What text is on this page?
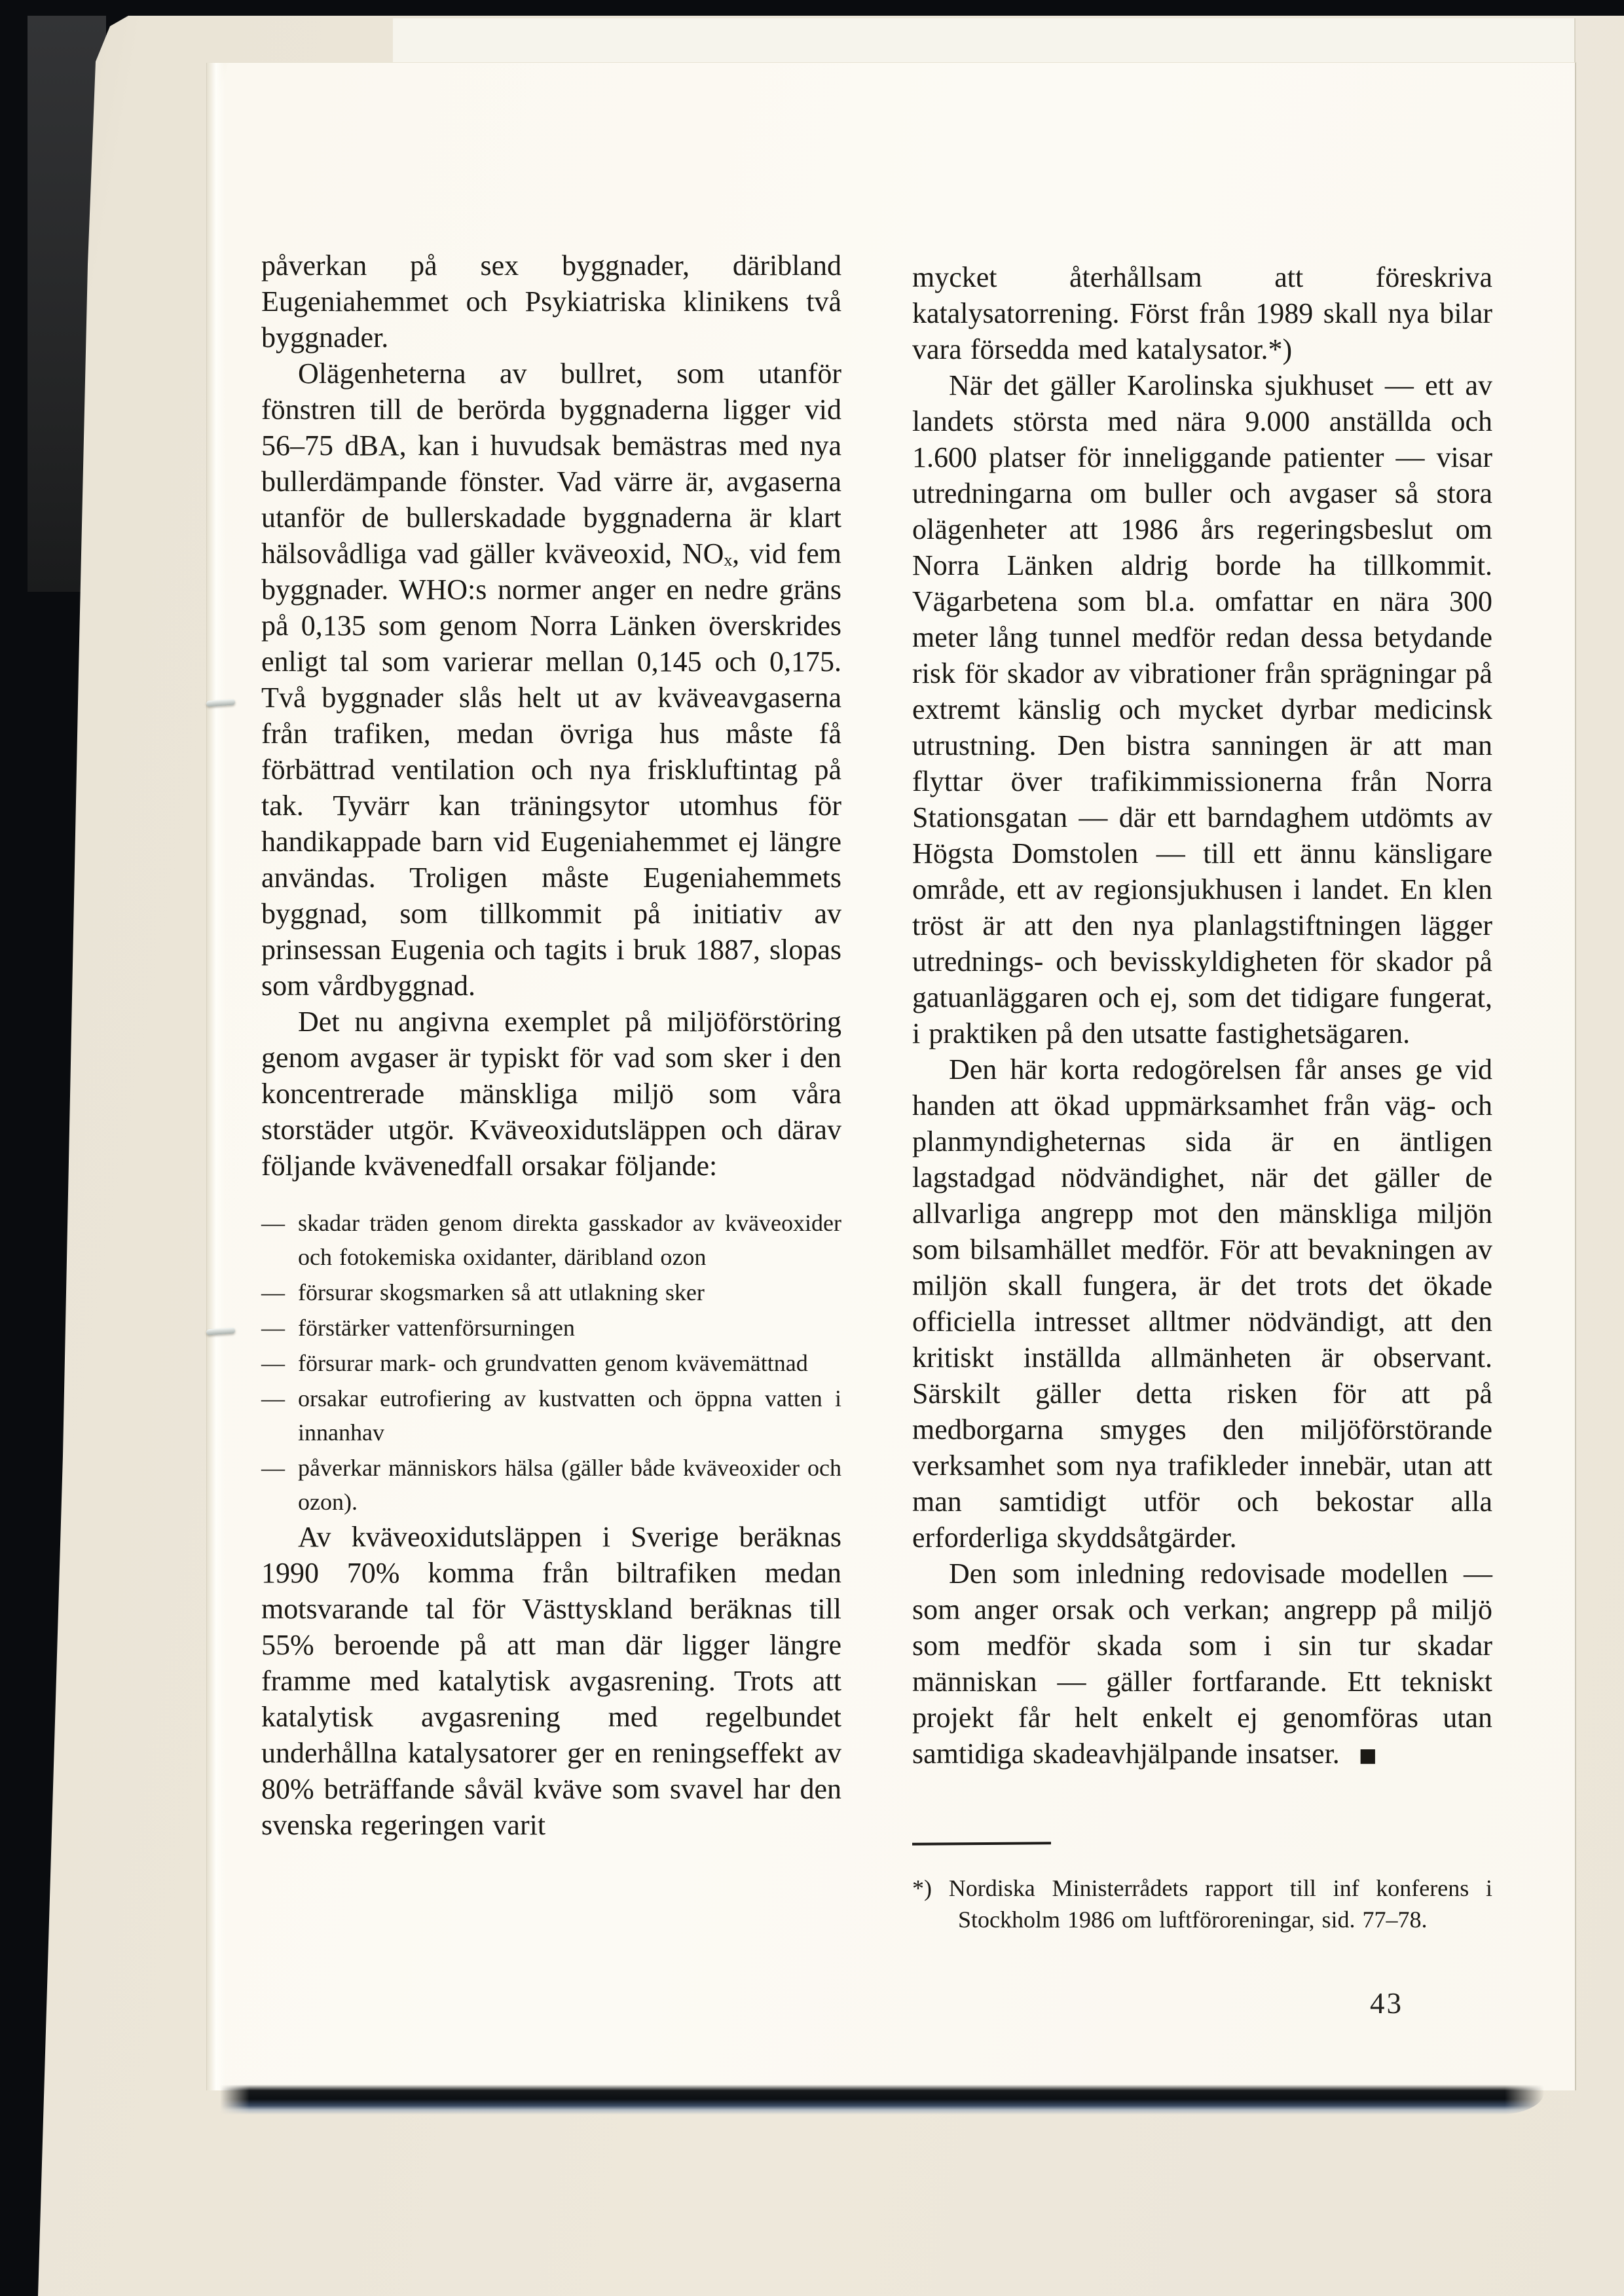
påverkan på sex byggnader, däribland Eugeniahemmet och Psykiatriska klinikens två byggnader.

Olägenheterna av bullret, som utanför fönstren till de berörda byggnaderna ligger vid 56–75 dBA, kan i huvudsak bemästras med nya bullerdämpande fönster. Vad värre är, avgaserna utanför de bullerskadade byggnaderna är klart hälsovådliga vad gäller kväveoxid, NOₓ, vid fem byggnader. WHO:s normer anger en nedre gräns på 0,135 som genom Norra Länken överskrides enligt tal som varierar mellan 0,145 och 0,175. Två byggnader slås helt ut av kväveavgaserna från trafiken, medan övriga hus måste få förbättrad ventilation och nya friskluftintag på tak. Tyvärr kan träningsytor utomhus för handikappade barn vid Eugeniahemmet ej längre användas. Troligen måste Eugeniahemmets byggnad, som tillkommit på initiativ av prinsessan Eugenia och tagits i bruk 1887, slopas som vårdbyggnad.

Det nu angivna exemplet på miljöförstöring genom avgaser är typiskt för vad som sker i den koncentrerade mänskliga miljö som våra storstäder utgör. Kväveoxidutsläppen och därav följande kvävenedfall orsakar följande:

— skadar träden genom direkta gasskador av kväveoxider och fotokemiska oxidanter, däribland ozon
— försurar skogsmarken så att utlakning sker
— förstärker vattenförsurningen
— försurar mark- och grundvatten genom kvävemättnad
— orsakar eutrofiering av kustvatten och öppna vatten i innanhav
— påverkar människors hälsa (gäller både kväveoxider och ozon).

Av kväveoxidutsläppen i Sverige beräknas 1990 70% komma från biltrafiken medan motsvarande tal för Västtyskland beräknas till 55% beroende på att man där ligger längre framme med katalytisk avgasrening. Trots att katalytisk avgasrening med regelbundet underhållna katalysatorer ger en reningseffekt av 80% beträffande såväl kväve som svavel har den svenska regeringen varit

mycket återhållsam att föreskriva katalysatorrening. Först från 1989 skall nya bilar vara försedda med katalysator.*)

När det gäller Karolinska sjukhuset — ett av landets största med nära 9.000 anställda och 1.600 platser för inneliggande patienter — visar utredningarna om buller och avgaser så stora olägenheter att 1986 års regeringsbeslut om Norra Länken aldrig borde ha tillkommit. Vägarbetena som bl.a. omfattar en nära 300 meter lång tunnel medför redan dessa betydande risk för skador av vibrationer från sprägningar på extremt känslig och mycket dyrbar medicinsk utrustning. Den bistra sanningen är att man flyttar över trafikimmissionerna från Norra Stationsgatan — där ett barndaghem utdömts av Högsta Domstolen — till ett ännu känsligare område, ett av regionsjukhusen i landet. En klen tröst är att den nya planlagstiftningen lägger utrednings- och bevisskyldigheten för skador på gatuanläggaren och ej, som det tidigare fungerat, i praktiken på den utsatte fastighetsägaren.

Den här korta redogörelsen får anses ge vid handen att ökad uppmärksamhet från väg- och planmyndigheternas sida är en äntligen lagstadgad nödvändighet, när det gäller de allvarliga angrepp mot den mänskliga miljön som bilsamhället medför. För att bevakningen av miljön skall fungera, är det trots det ökade officiella intresset alltmer nödvändigt, att den kritiskt inställda allmänheten är observant. Särskilt gäller detta risken för att på medborgarna smyges den miljöförstörande verksamhet som nya trafikleder innebär, utan att man samtidigt utför och bekostar alla erforderliga skyddsåtgärder.

Den som inledning redovisade modellen — som anger orsak och verkan; angrepp på miljö som medför skada som i sin tur skadar människan — gäller fortfarande. Ett tekniskt projekt får helt enkelt ej genomföras utan samtidiga skadeavhjälpande insatser. ■

*) Nordiska Ministerrådets rapport till inf konferens i Stockholm 1986 om luftföroreningar, sid. 77–78.

43
